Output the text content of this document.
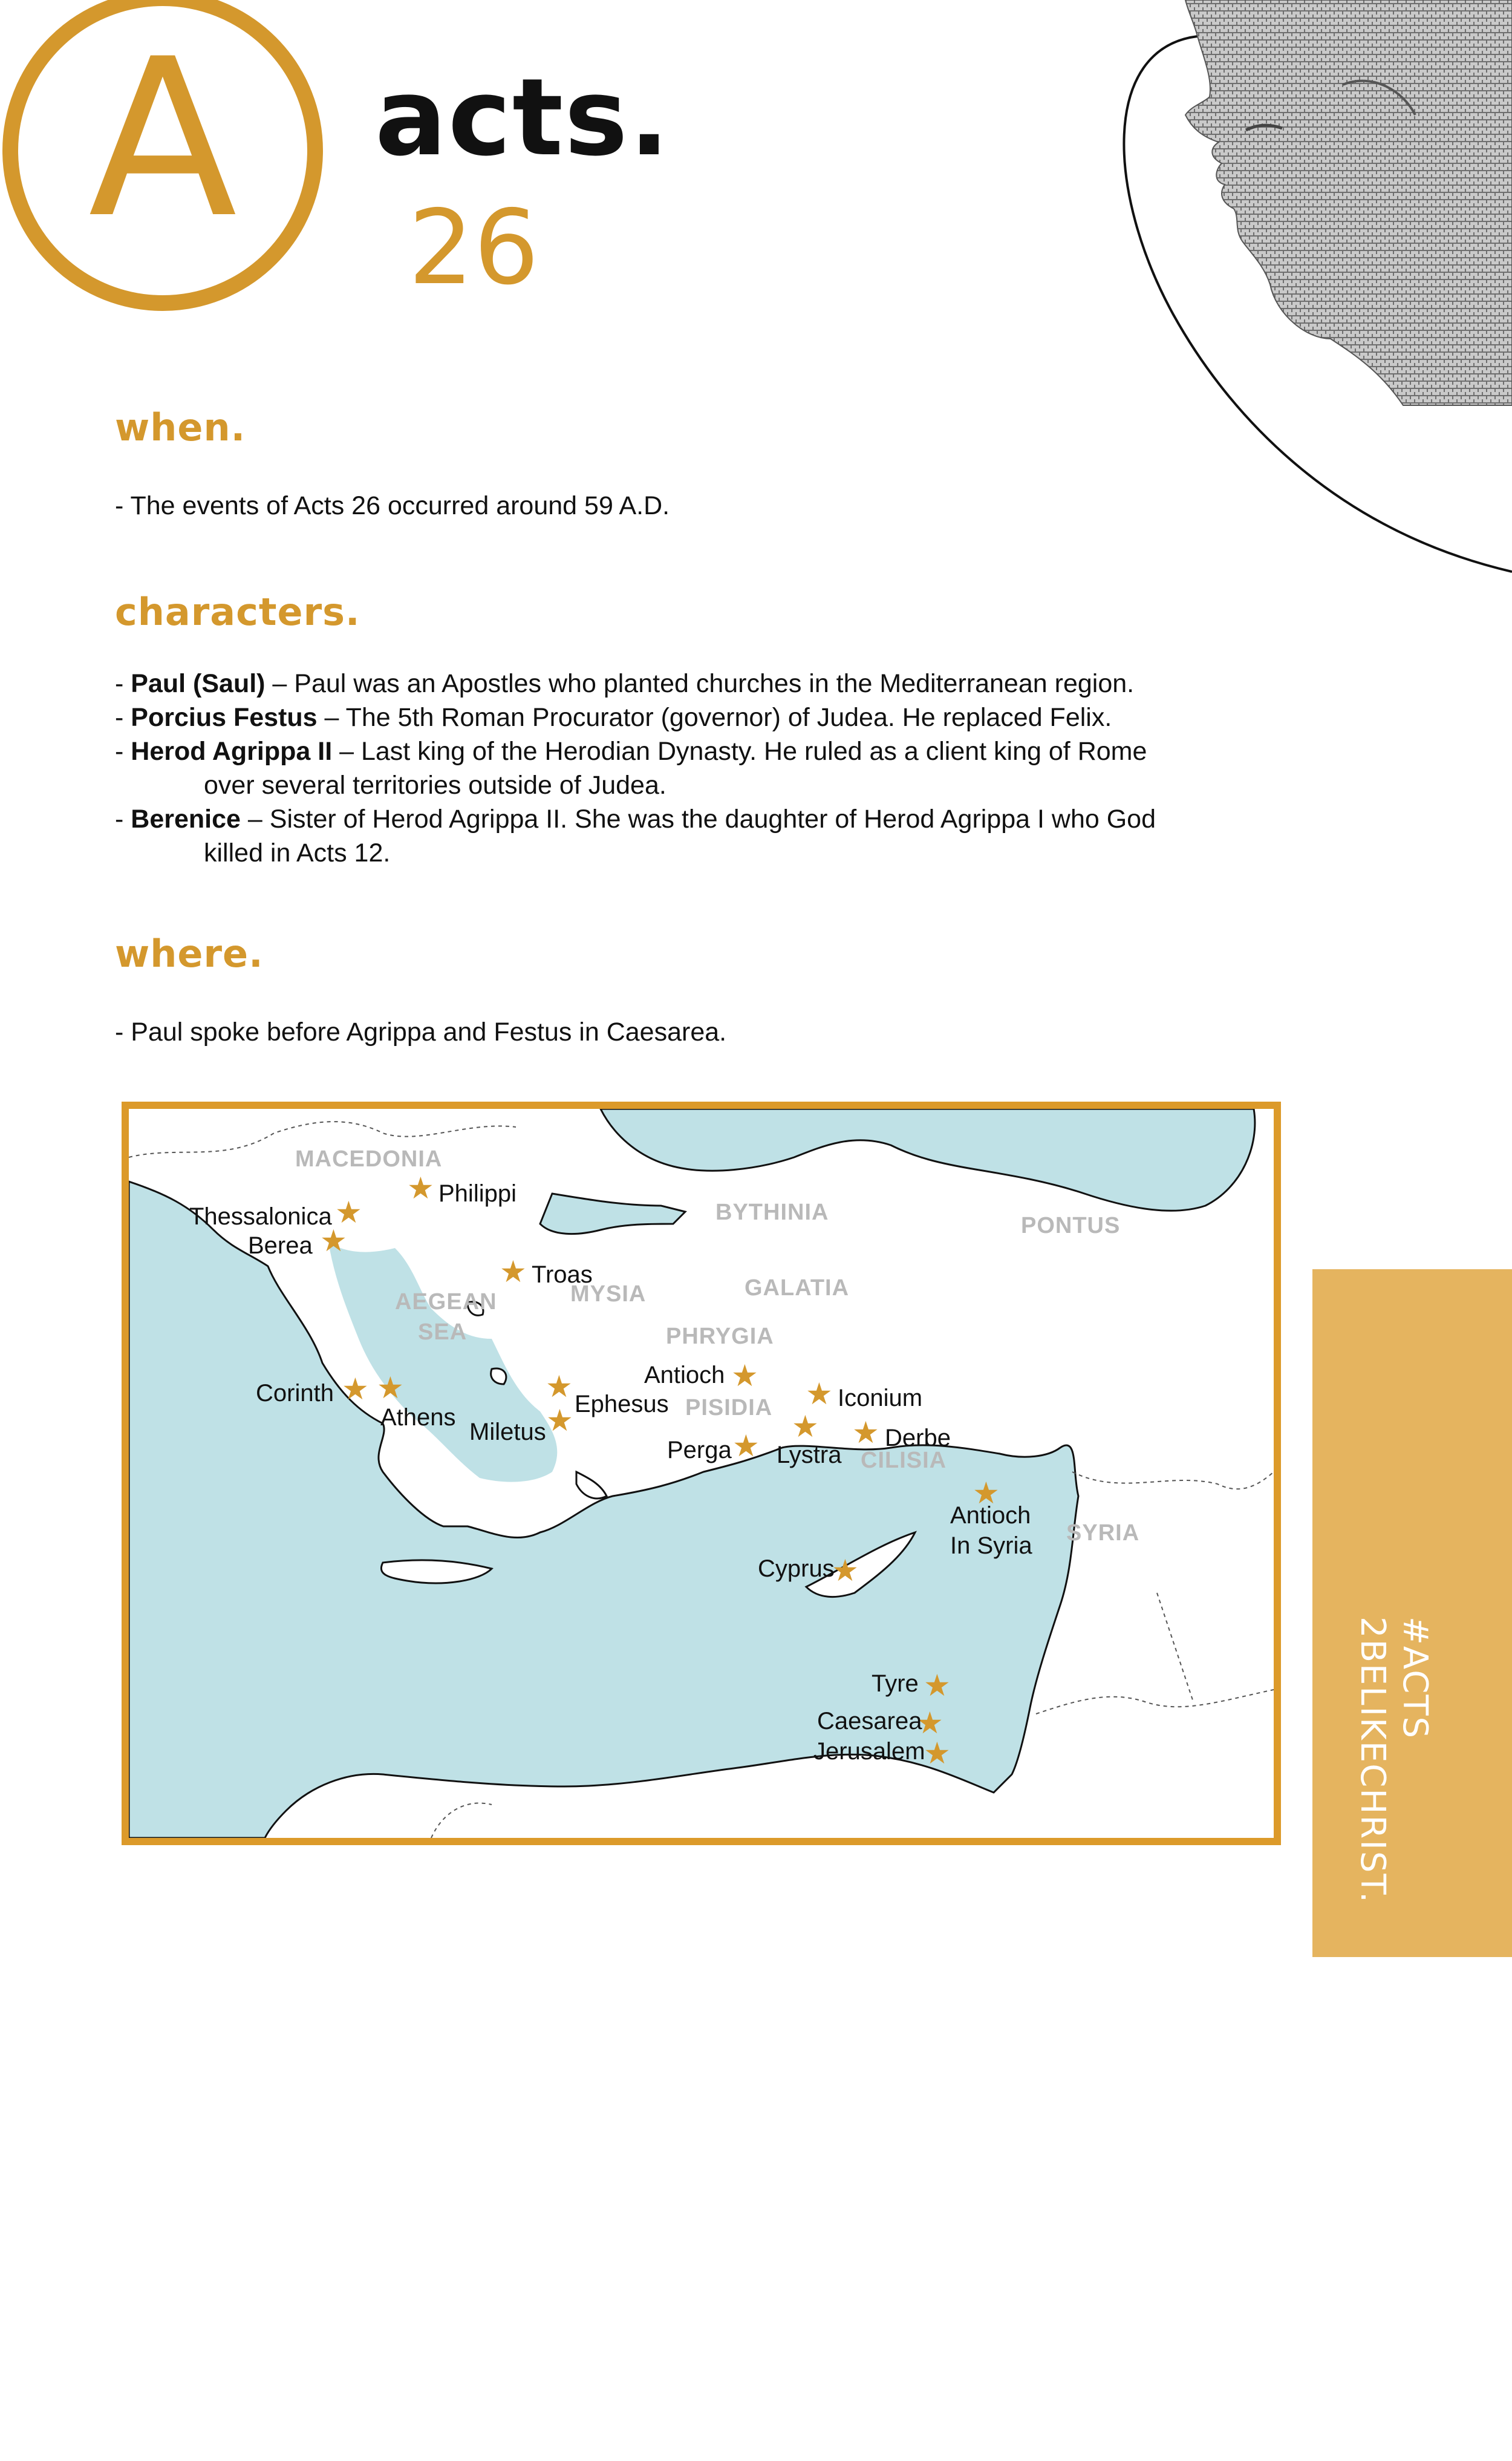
A	acts.
26
when.
- The events of Acts 26 occurred around 59 A.D.
characters.
- Paul (Saul) – Paul was an Apostles who planted churches in the Mediterranean region.
- Porcius Festus – The 5th Roman Procurator (governor) of Judea. He replaced Felix.
- Herod Agrippa II – Last king of the Herodian Dynasty. He ruled as a client king of Rome
over several territories outside of Judea.
- Berenice – Sister of Herod Agrippa II. She was the daughter of Herod Agrippa I who God
killed in Acts 12.
where.
- Paul spoke before Agrippa and Festus in Caesarea.
MACEDONIA
BYTHINIA
PONTUS
AEGEAN
SEA
MYSIA	GALATIA
PHRYGIA
PISIDIA
CILISIA
SYRIA
★
★
★
★
★
★
★ ★	★
★	★
★
★
★
★
★
★
★
Philippi
Thessalonica
Berea
Troas
Antioch
Iconium
Corinth
Athens	Ephesus
Miletus	Derbe
Perga Lystra
Antioch
In Syria
Cyprus
Tyre
Caesarea
Jerusalem
#ACTS
2BELIKECHRIST.
